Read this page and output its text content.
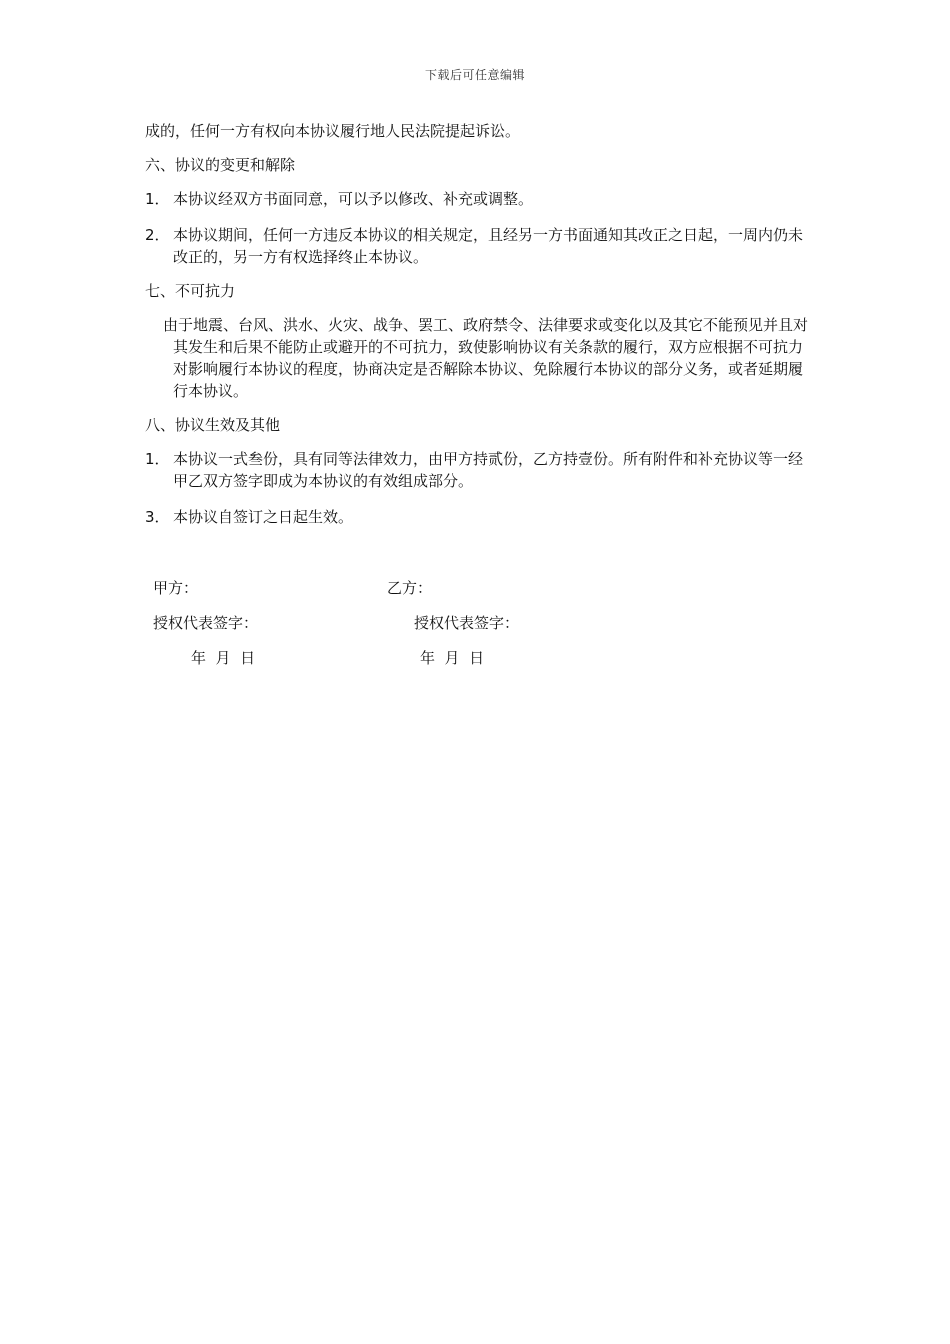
下载后可任意编辑

成的，任何一方有权向本协议履行地人民法院提起诉讼。

六、协议的变更和解除

1． 本协议经双方书面同意，可以予以修改、补充或调整。
2． 本协议期间，任何一方违反本协议的相关规定，且经另一方书面通知其改正之日起，一周内仍未改正的，另一方有权选择终止本协议。

七、不可抗力

由于地震、台风、洪水、火灾、战争、罢工、政府禁令、法律要求或变化以及其它不能预见并且对其发生和后果不能防止或避开的不可抗力，致使影响协议有关条款的履行，双方应根据不可抗力对影响履行本协议的程度，协商决定是否解除本协议、免除履行本协议的部分义务，或者延期履行本协议。

八、协议生效及其他

1． 本协议一式叁份，具有同等法律效力，由甲方持贰份，乙方持壹份。所有附件和补充协议等一经甲乙双方签字即成为本协议的有效组成部分。
3． 本协议自签订之日起生效。
甲方：	乙方：
授权代表签字：	授权代表签字：
年  月  日	年  月  日
